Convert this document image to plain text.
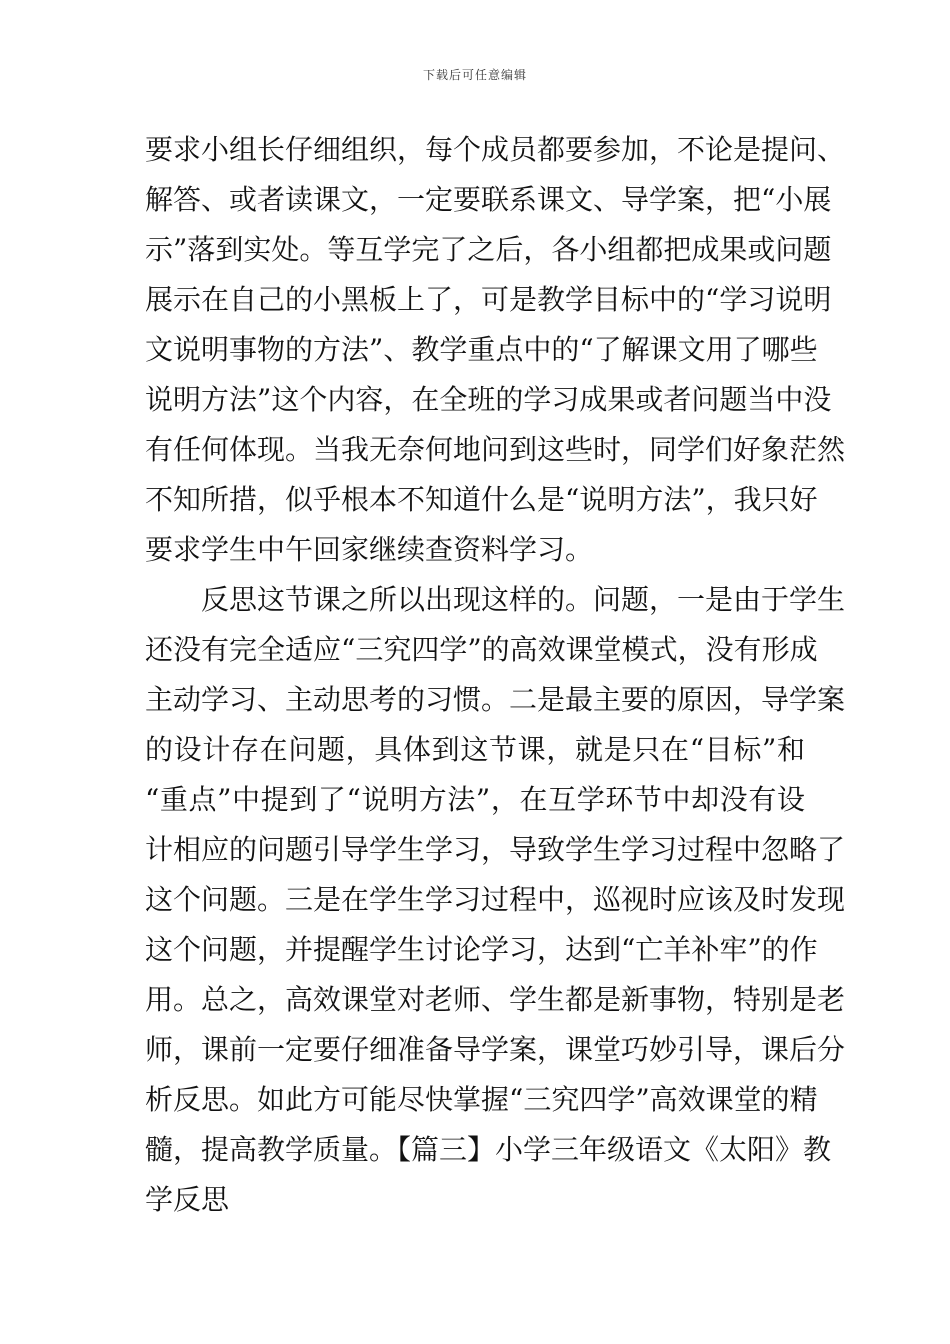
下载后可任意编辑
要求小组长仔细组织，每个成员都要参加，不论是提问、
解答、或者读课文，一定要联系课文、导学案，把“小展
示”落到实处。等互学完了之后，各小组都把成果或问题
展示在自己的小黑板上了，可是教学目标中的“学习说明
文说明事物的方法”、教学重点中的“了解课文用了哪些
说明方法”这个内容，在全班的学习成果或者问题当中没
有任何体现。当我无奈何地问到这些时，同学们好象茫然
不知所措，似乎根本不知道什么是“说明方法”，我只好
要求学生中午回家继续查资料学习。
反思这节课之所以出现这样的。问题，一是由于学生
还没有完全适应“三究四学”的高效课堂模式，没有形成
主动学习、主动思考的习惯。二是最主要的原因，导学案
的设计存在问题，具体到这节课，就是只在“目标”和
“重点”中提到了“说明方法”，在互学环节中却没有设
计相应的问题引导学生学习，导致学生学习过程中忽略了
这个问题。三是在学生学习过程中，巡视时应该及时发现
这个问题，并提醒学生讨论学习，达到“亡羊补牢”的作
用。总之，高效课堂对老师、学生都是新事物，特别是老
师，课前一定要仔细准备导学案，课堂巧妙引导，课后分
析反思。如此方可能尽快掌握“三究四学”高效课堂的精
髓，提高教学质量。【篇三】小学三年级语文《太阳》教
学反思
